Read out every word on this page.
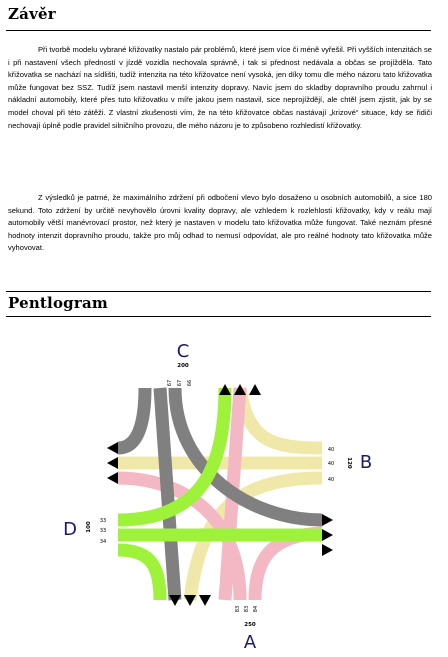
Závěr

Při tvorbě modelu vybrané křižovatky nastalo pár problémů, které jsem více či méně vyřešil. Při vyšších intenzitách se i při nastavení všech předností v jízdě vozidla nechovala správně, i tak si přednost nedávala a občas se projížděla. Tato křižovatka se nachází na sídlišti, tudíž intenzita na této křižovatce není vysoká, jen díky tomu dle mého názoru tato křižovatka může fungovat bez SSZ. Tudíž jsem nastavil menší intenzity dopravy. Navíc jsem do skladby dopravního proudu zahrnul i nákladní automobily, které přes tuto křižovatku v míře jakou jsem nastavil, sice neprojíždějí, ale chtěl jsem zjistit, jak by se model choval při této zátěži. Z vlastní zkušenosti vím, že na této křižovatce občas nastávají „krizové“ situace, kdy se řidiči nechovají úplně podle pravidel silničního provozu, dle mého názoru je to způsobeno rozhledistí křižovatky.

Z výsledků je patrné, že maximálního zdržení při odbočení vlevo bylo dosaženo u osobních automobilů, a sice 180 sekund. Toto zdržení by určitě nevyhovělo úrovni kvality dopravy, ale vzhledem k rozlehlosti křižovatky, kdy v reálu mají automobily větší manévrovací prostor, než který je nastaven v modelu tato křižovatka může fungovat. Také neznám přesné hodnoty intenzit dopravního proudu, takže pro můj odhad to nemusí odpovídat, ale pro reálné hodnoty tato křižovatka může vyhovovat.

Pentlogram
C
B
A
D
200
120
250
100
67 67 66
40
40
40
83 83 84
33
33
34
